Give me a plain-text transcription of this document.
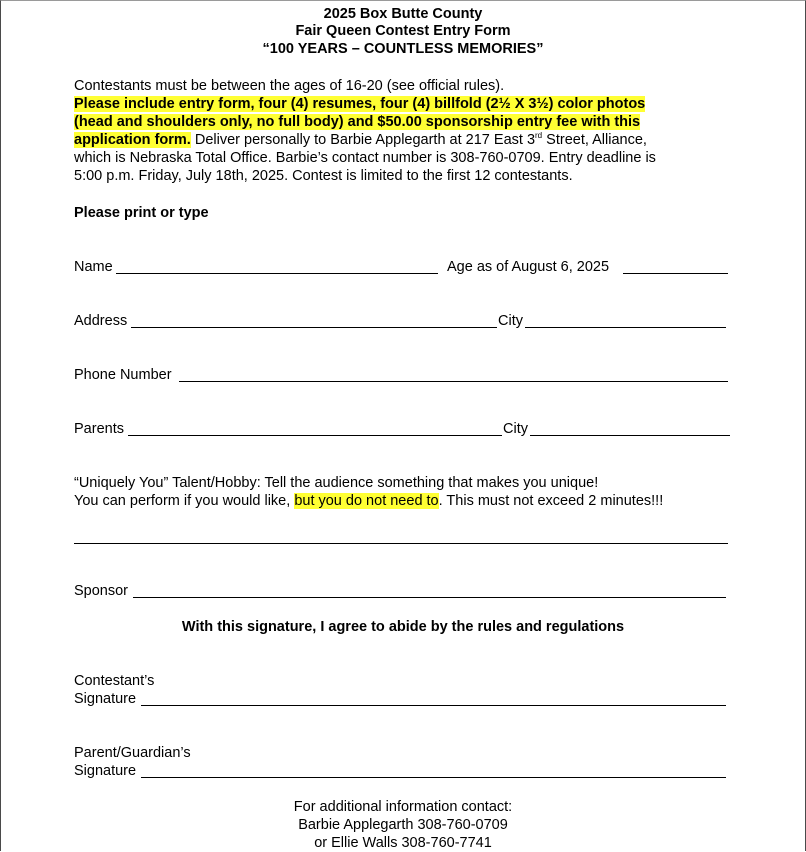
2025 Box Butte County
Fair Queen Contest Entry Form
“100 YEARS – COUNTLESS MEMORIES”
Contestants must be between the ages of 16-20 (see official rules).
Please include entry form, four (4) resumes, four (4) billfold (2½ X 3½) color photos
(head and shoulders only, no full body) and $50.00 sponsorship entry fee with this
application form. Deliver personally to Barbie Applegarth at 217 East 3rd Street, Alliance,
which is Nebraska Total Office. Barbie’s contact number is 308-760-0709. Entry deadline is
5:00 p.m. Friday, July 18th, 2025. Contest is limited to the first 12 contestants.
Please print or type
Name	Age as of August 6, 2025
Address	City
Phone Number
Parents	City
“Uniquely You” Talent/Hobby: Tell the audience something that makes you unique!
You can perform if you would like, but you do not need to. This must not exceed 2 minutes!!!
Sponsor
With this signature, I agree to abide by the rules and regulations
Contestant’s
Signature
Parent/Guardian’s
Signature
For additional information contact:
Barbie Applegarth 308-760-0709
or Ellie Walls 308-760-7741
